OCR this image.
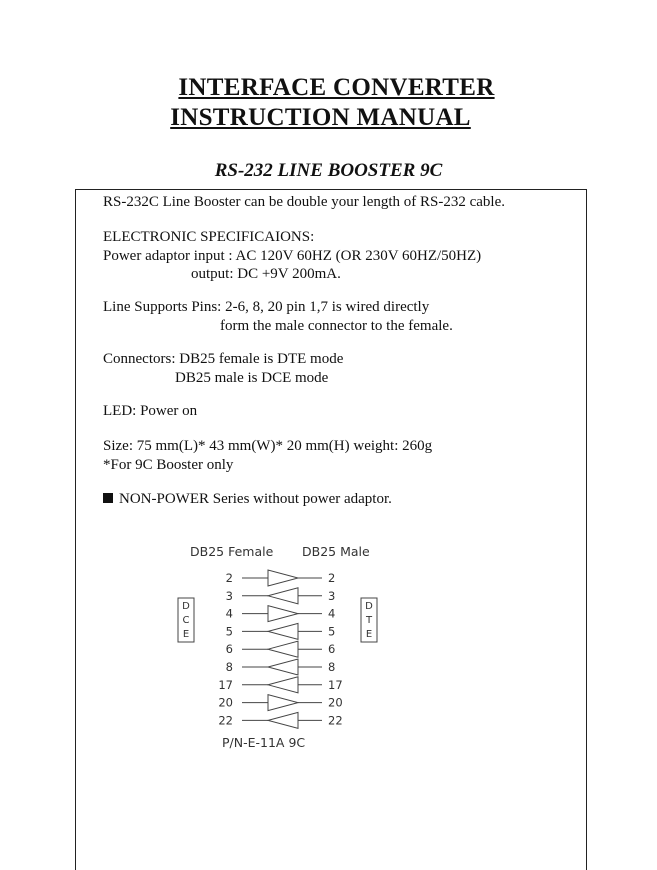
INTERFACE CONVERTER
INSTRUCTION MANUAL
RS-232 LINE BOOSTER 9C
RS-232C Line Booster can be double your length of RS-232 cable.
ELECTRONIC SPECIFICAIONS:
Power adaptor input : AC 120V 60HZ (OR 230V 60HZ/50HZ)
output: DC +9V 200mA.
Line Supports Pins: 2-6, 8, 20 pin 1,7 is wired directly
form the male connector to the female.
Connectors: DB25 female is DTE mode
DB25 male is DCE mode
LED: Power on
Size: 75 mm(L)* 43 mm(W)* 20 mm(H) weight: 260g
*For 9C Booster only
NON-POWER Series without power adaptor.
DB25 Female DB25 Male
D
C
E
D
T
E
2	2
3	3
4	4
5	5
6	6
8	8
17	17
20	20
22	22
P/N-E-11A 9C
